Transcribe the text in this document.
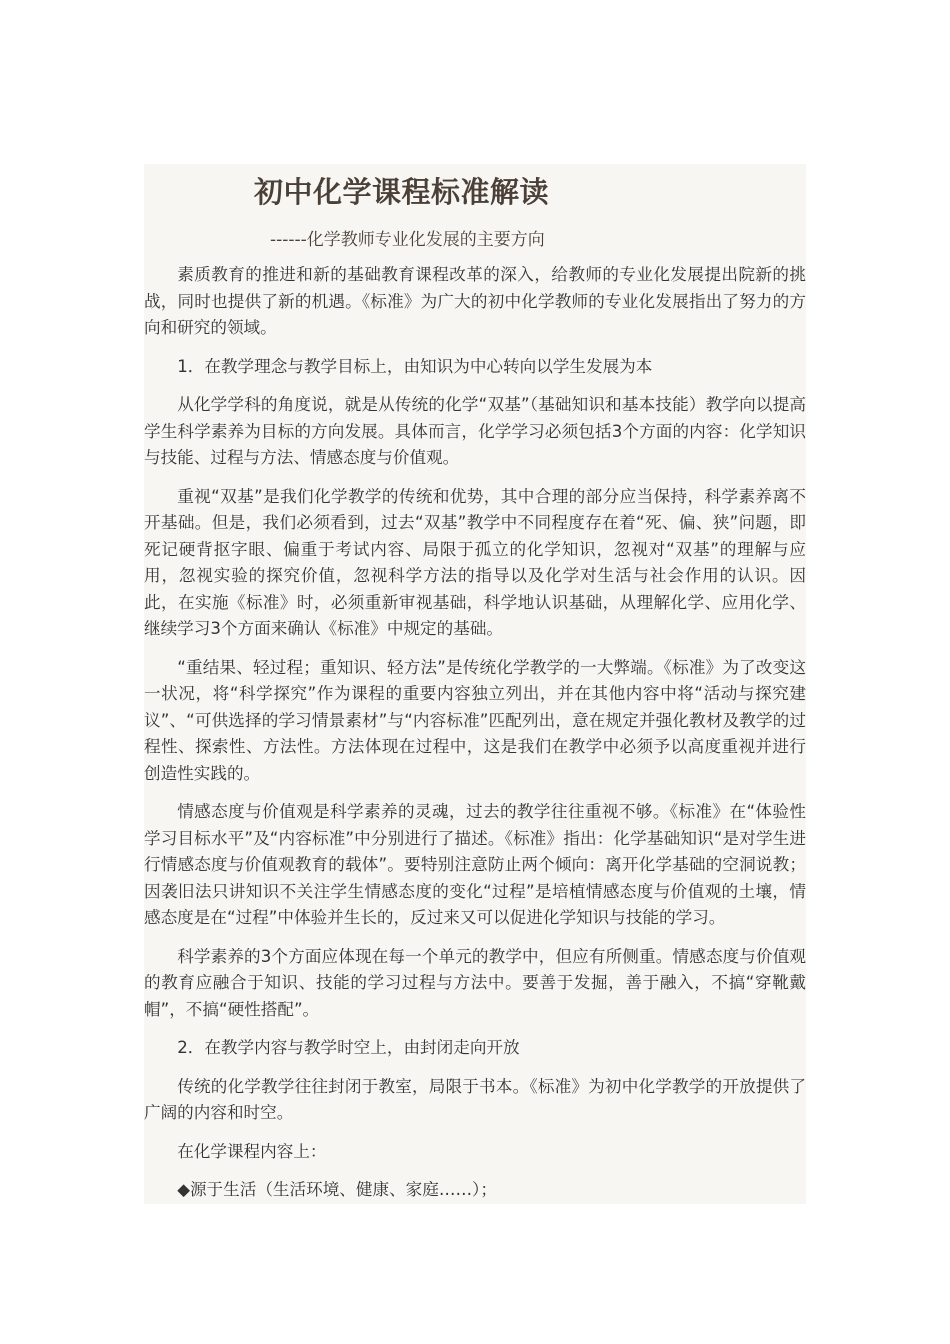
初中化学课程标准解读

------化学教师专业化发展的主要方向

素质教育的推进和新的基础教育课程改革的深入，给教师的专业化发展提出院新的挑战，同时也提供了新的机遇。《标准》为广大的初中化学教师的专业化发展指出了努力的方向和研究的领域。

1．在教学理念与教学目标上，由知识为中心转向以学生发展为本

从化学学科的角度说，就是从传统的化学“双基”（基础知识和基本技能）教学向以提高学生科学素养为目标的方向发展。具体而言，化学学习必须包括3个方面的内容：化学知识与技能、过程与方法、情感态度与价值观。

重视“双基”是我们化学教学的传统和优势，其中合理的部分应当保持，科学素养离不开基础。但是，我们必须看到，过去“双基”教学中不同程度存在着“死、偏、狭”问题，即死记硬背抠字眼、偏重于考试内容、局限于孤立的化学知识，忽视对“双基”的理解与应用，忽视实验的探究价值，忽视科学方法的指导以及化学对生活与社会作用的认识。因此，在实施《标准》时，必须重新审视基础，科学地认识基础，从理解化学、应用化学、继续学习3个方面来确认《标准》中规定的基础。

“重结果、轻过程；重知识、轻方法”是传统化学教学的一大弊端。《标准》为了改变这一状况，将“科学探究”作为课程的重要内容独立列出，并在其他内容中将“活动与探究建议”、“可供选择的学习情景素材”与“内容标准”匹配列出，意在规定并强化教材及教学的过程性、探索性、方法性。方法体现在过程中，这是我们在教学中必须予以高度重视并进行创造性实践的。

情感态度与价值观是科学素养的灵魂，过去的教学往往重视不够。《标准》在“体验性学习目标水平”及“内容标准”中分别进行了描述。《标准》指出：化学基础知识“是对学生进行情感态度与价值观教育的载体”。要特别注意防止两个倾向：离开化学基础的空洞说教；因袭旧法只讲知识不关注学生情感态度的变化“过程”是培植情感态度与价值观的土壤，情感态度是在“过程”中体验并生长的，反过来又可以促进化学知识与技能的学习。

科学素养的3个方面应体现在每一个单元的教学中，但应有所侧重。情感态度与价值观的教育应融合于知识、技能的学习过程与方法中。要善于发掘，善于融入，不搞“穿靴戴帽”，不搞“硬性搭配”。

2．在教学内容与教学时空上，由封闭走向开放

传统的化学教学往往封闭于教室，局限于书本。《标准》为初中化学教学的开放提供了广阔的内容和时空。

在化学课程内容上：

◆源于生活（生活环境、健康、家庭……）；
